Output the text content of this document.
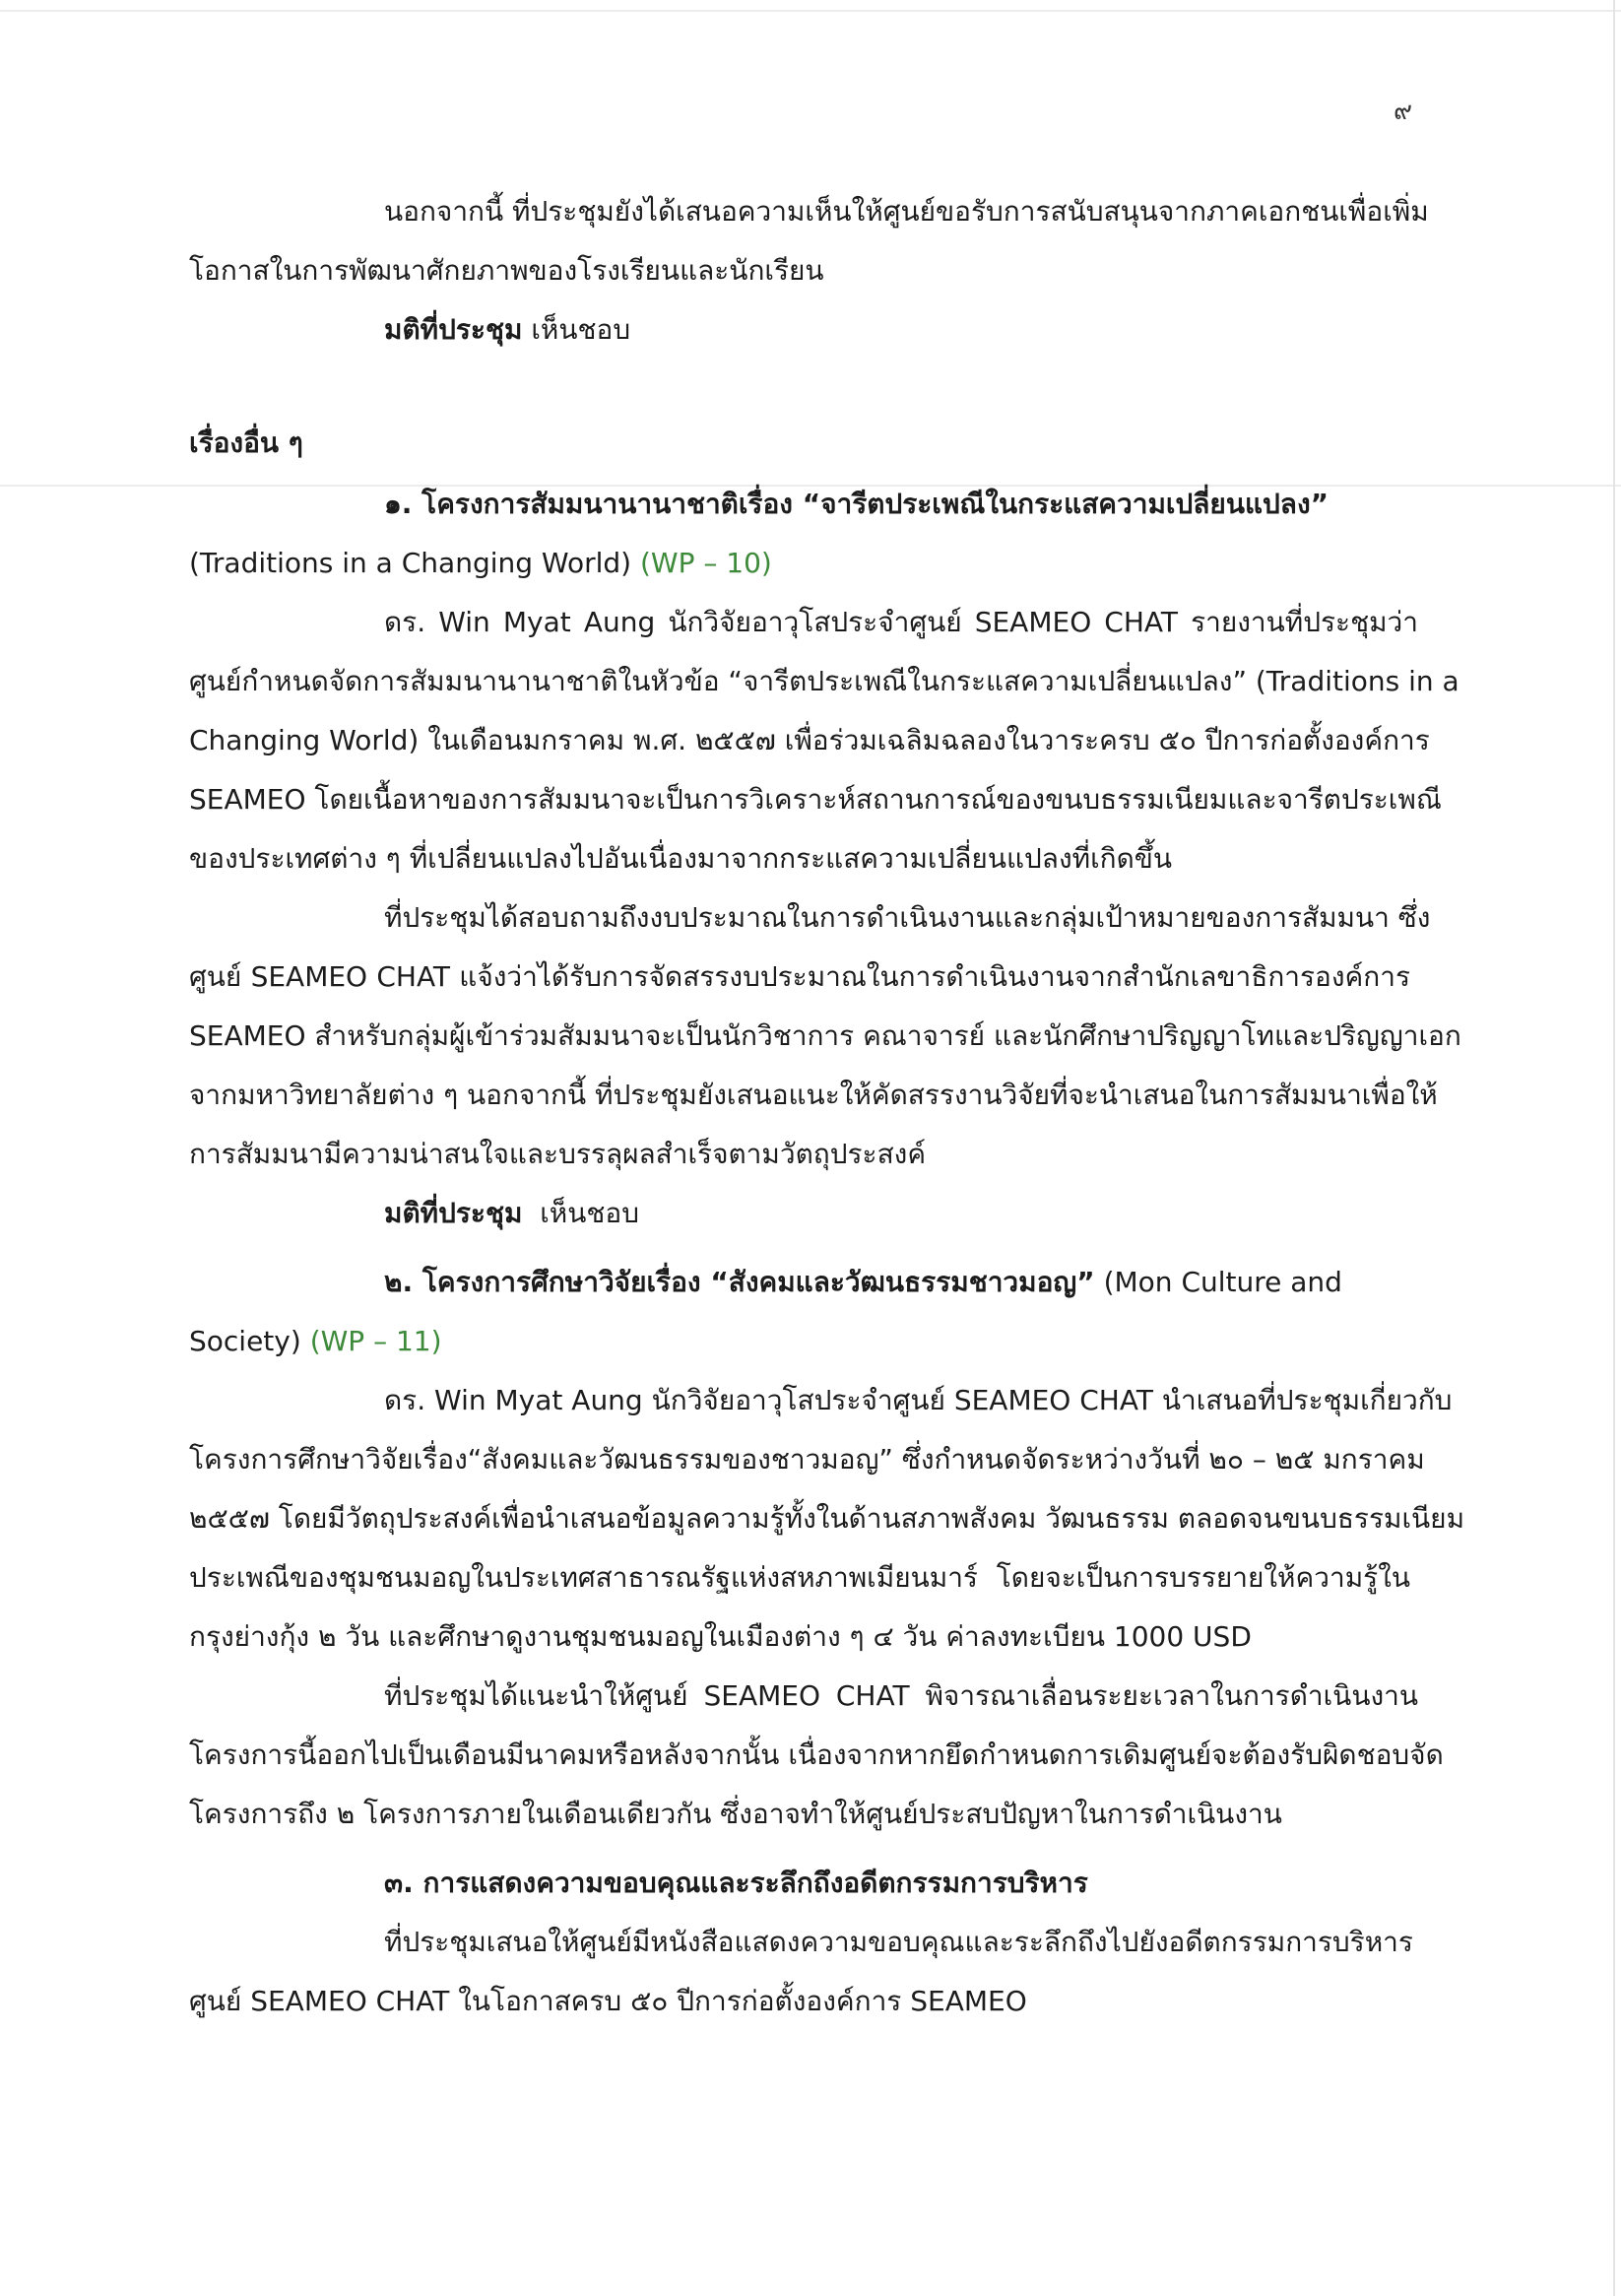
๙
นอกจากนี้ ที่ประชุมยังได้เสนอความเห็นให้ศูนย์ขอรับการสนับสนุนจากภาคเอกชนเพื่อเพิ่ม
โอกาสในการพัฒนาศักยภาพของโรงเรียนและนักเรียน
มติที่ประชุม เห็นชอบ
เรื่องอื่น ๆ
๑. โครงการสัมมนานานาชาติเรื่อง “จารีตประเพณีในกระแสความเปลี่ยนแปลง”
(Traditions in a Changing World) (WP – 10)
ดร. Win Myat Aung นักวิจัยอาวุโสประจำศูนย์ SEAMEO CHAT รายงานที่ประชุมว่า
ศูนย์กำหนดจัดการสัมมนานานาชาติในหัวข้อ “จารีตประเพณีในกระแสความเปลี่ยนแปลง” (Traditions in a
Changing World) ในเดือนมกราคม พ.ศ. ๒๕๕๗ เพื่อร่วมเฉลิมฉลองในวาระครบ ๕๐ ปีการก่อตั้งองค์การ
SEAMEO โดยเนื้อหาของการสัมมนาจะเป็นการวิเคราะห์สถานการณ์ของขนบธรรมเนียมและจารีตประเพณี
ของประเทศต่าง ๆ ที่เปลี่ยนแปลงไปอันเนื่องมาจากกระแสความเปลี่ยนแปลงที่เกิดขึ้น
ที่ประชุมได้สอบถามถึงงบประมาณในการดำเนินงานและกลุ่มเป้าหมายของการสัมมนา ซึ่ง
ศูนย์ SEAMEO CHAT แจ้งว่าได้รับการจัดสรรงบประมาณในการดำเนินงานจากสำนักเลขาธิการองค์การ
SEAMEO สำหรับกลุ่มผู้เข้าร่วมสัมมนาจะเป็นนักวิชาการ คณาจารย์ และนักศึกษาปริญญาโทและปริญญาเอก
จากมหาวิทยาลัยต่าง ๆ นอกจากนี้ ที่ประชุมยังเสนอแนะให้คัดสรรงานวิจัยที่จะนำเสนอในการสัมมนาเพื่อให้
การสัมมนามีความน่าสนใจและบรรลุผลสำเร็จตามวัตถุประสงค์
มติที่ประชุม เห็นชอบ
๒. โครงการศึกษาวิจัยเรื่อง “สังคมและวัฒนธรรมชาวมอญ” (Mon Culture and
Society) (WP – 11)
ดร. Win Myat Aung นักวิจัยอาวุโสประจำศูนย์ SEAMEO CHAT นำเสนอที่ประชุมเกี่ยวกับ
โครงการศึกษาวิจัยเรื่อง“สังคมและวัฒนธรรมของชาวมอญ” ซึ่งกำหนดจัดระหว่างวันที่ ๒๐ – ๒๕ มกราคม
๒๕๕๗ โดยมีวัตถุประสงค์เพื่อนำเสนอข้อมูลความรู้ทั้งในด้านสภาพสังคม วัฒนธรรม ตลอดจนขนบธรรมเนียม
ประเพณีของชุมชนมอญในประเทศสาธารณรัฐแห่งสหภาพเมียนมาร์ โดยจะเป็นการบรรยายให้ความรู้ใน
กรุงย่างกุ้ง ๒ วัน และศึกษาดูงานชุมชนมอญในเมืองต่าง ๆ ๔ วัน ค่าลงทะเบียน 1000 USD
ที่ประชุมได้แนะนำให้ศูนย์ SEAMEO CHAT พิจารณาเลื่อนระยะเวลาในการดำเนินงาน
โครงการนี้ออกไปเป็นเดือนมีนาคมหรือหลังจากนั้น เนื่องจากหากยึดกำหนดการเดิมศูนย์จะต้องรับผิดชอบจัด
โครงการถึง ๒ โครงการภายในเดือนเดียวกัน ซึ่งอาจทำให้ศูนย์ประสบปัญหาในการดำเนินงาน
๓. การแสดงความขอบคุณและระลึกถึงอดีตกรรมการบริหาร
ที่ประชุมเสนอให้ศูนย์มีหนังสือแสดงความขอบคุณและระลึกถึงไปยังอดีตกรรมการบริหาร
ศูนย์ SEAMEO CHAT ในโอกาสครบ ๕๐ ปีการก่อตั้งองค์การ SEAMEO
